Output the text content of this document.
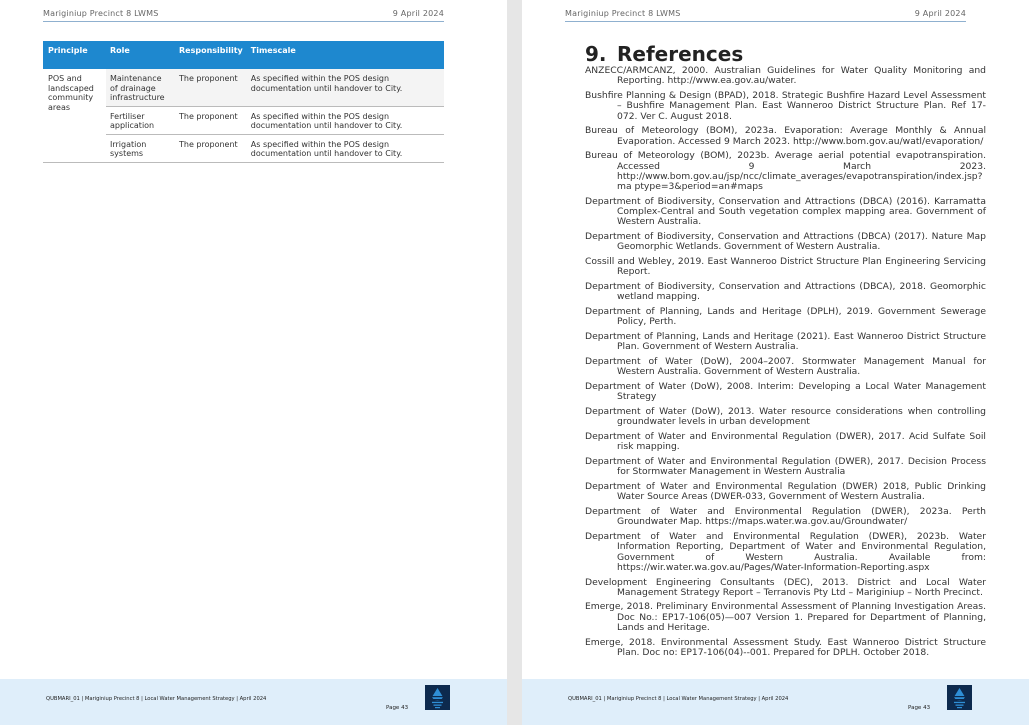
Mariginiup Precinct 8 LWMS	9 April 2024
Principle	Role	Responsibility	Timescale
POS and landscaped community areas	Maintenance of drainage infrastructure	The proponent	As specified within the POS design documentation until handover to City.
	Fertiliser application	The proponent	As specified within the POS design documentation until handover to City.
	Irrigation systems	The proponent	As specified within the POS design documentation until handover to City.
QUBMARI_01 | Mariginiup Precinct 8 | Local Water Management Strategy | April 2024
Page 43
Mariginiup Precinct 8 LWMS	9 April 2024
9. References
ANZECC/ARMCANZ, 2000. Australian Guidelines for Water Quality Monitoring and Reporting. http://www.ea.gov.au/water.
Bushfire Planning & Design (BPAD), 2018. Strategic Bushfire Hazard Level Assessment – Bushfire Management Plan. East Wanneroo District Structure Plan. Ref 17-072. Ver C. August 2018.
Bureau of Meteorology (BOM), 2023a. Evaporation: Average Monthly & Annual Evaporation. Accessed 9 March 2023. http://www.bom.gov.au/watl/evaporation/
Bureau of Meteorology (BOM), 2023b. Average aerial potential evapotranspiration. Accessed 9 March 2023. http://www.bom.gov.au/jsp/ncc/climate_averages/evapotranspiration/index.jsp?ma ptype=3&period=an#maps
Department of Biodiversity, Conservation and Attractions (DBCA) (2016). Karramatta Complex-Central and South vegetation complex mapping area. Government of Western Australia.
Department of Biodiversity, Conservation and Attractions (DBCA) (2017). Nature Map Geomorphic Wetlands. Government of Western Australia.
Cossill and Webley, 2019. East Wanneroo District Structure Plan Engineering Servicing Report.
Department of Biodiversity, Conservation and Attractions (DBCA), 2018. Geomorphic wetland mapping.
Department of Planning, Lands and Heritage (DPLH), 2019. Government Sewerage Policy, Perth.
Department of Planning, Lands and Heritage (2021). East Wanneroo District Structure Plan. Government of Western Australia.
Department of Water (DoW), 2004–2007. Stormwater Management Manual for Western Australia. Government of Western Australia.
Department of Water (DoW), 2008. Interim: Developing a Local Water Management Strategy
Department of Water (DoW), 2013. Water resource considerations when controlling groundwater levels in urban development
Department of Water and Environmental Regulation (DWER), 2017. Acid Sulfate Soil risk mapping.
Department of Water and Environmental Regulation (DWER), 2017. Decision Process for Stormwater Management in Western Australia
Department of Water and Environmental Regulation (DWER) 2018, Public Drinking Water Source Areas (DWER-033, Government of Western Australia.
Department of Water and Environmental Regulation (DWER), 2023a. Perth Groundwater Map. https://maps.water.wa.gov.au/Groundwater/
Department of Water and Environmental Regulation (DWER), 2023b. Water Information Reporting, Department of Water and Environmental Regulation, Government of Western Australia. Available from: https://wir.water.wa.gov.au/Pages/Water-Information-Reporting.aspx
Development Engineering Consultants (DEC), 2013. District and Local Water Management Strategy Report – Terranovis Pty Ltd – Mariginiup – North Precinct.
Emerge, 2018. Preliminary Environmental Assessment of Planning Investigation Areas. Doc No.: EP17-106(05)—007 Version 1. Prepared for Department of Planning, Lands and Heritage.
Emerge, 2018. Environmental Assessment Study. East Wanneroo District Structure Plan. Doc no: EP17-106(04)--001. Prepared for DPLH. October 2018.
QUBMARI_01 | Mariginiup Precinct 8 | Local Water Management Strategy | April 2024
Page 43
